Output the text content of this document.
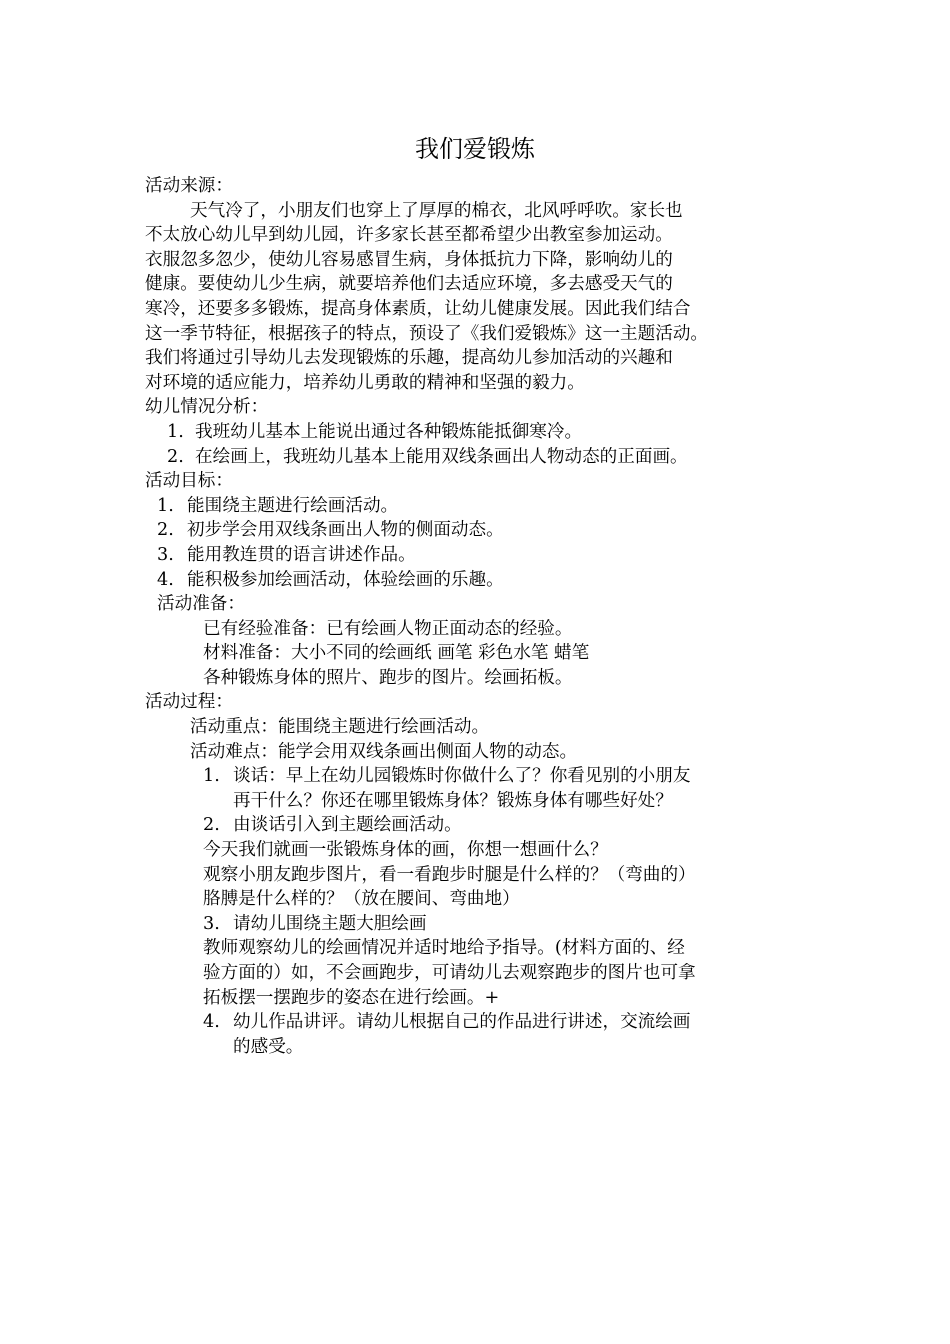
我们爱锻炼

活动来源：

天气冷了，小朋友们也穿上了厚厚的棉衣，北风呼呼吹。家长也

不太放心幼儿早到幼儿园，许多家长甚至都希望少出教室参加运动。

衣服忽多忽少，使幼儿容易感冒生病，身体抵抗力下降，影响幼儿的

健康。要使幼儿少生病，就要培养他们去适应环境，多去感受天气的

寒冷，还要多多锻炼，提高身体素质，让幼儿健康发展。因此我们结合

这一季节特征，根据孩子的特点，预设了《我们爱锻炼》这一主题活动。

我们将通过引导幼儿去发现锻炼的乐趣，提高幼儿参加活动的兴趣和

对环境的适应能力，培养幼儿勇敢的精神和坚强的毅力。

幼儿情况分析：

1. 我班幼儿基本上能说出通过各种锻炼能抵御寒冷。
2. 在绘画上，我班幼儿基本上能用双线条画出人物动态的正面画。

活动目标：

1. 能围绕主题进行绘画活动。
2. 初步学会用双线条画出人物的侧面动态。
3. 能用教连贯的语言讲述作品。
4. 能积极参加绘画活动，体验绘画的乐趣。

活动准备：

已有经验准备：已有绘画人物正面动态的经验。

材料准备：大小不同的绘画纸 画笔 彩色水笔 蜡笔

各种锻炼身体的照片、跑步的图片。绘画拓板。

活动过程：

活动重点：能围绕主题进行绘画活动。

活动难点：能学会用双线条画出侧面人物的动态。

1. 谈话：早上在幼儿园锻炼时你做什么了？你看见别的小朋友
再干什么？你还在哪里锻炼身体？锻炼身体有哪些好处？
2. 由谈话引入到主题绘画活动。

今天我们就画一张锻炼身体的画，你想一想画什么？

观察小朋友跑步图片，看一看跑步时腿是什么样的？（弯曲的）

胳膊是什么样的？（放在腰间、弯曲地）

3. 请幼儿围绕主题大胆绘画

教师观察幼儿的绘画情况并适时地给予指导。(材料方面的、经

验方面的）如，不会画跑步，可请幼儿去观察跑步的图片也可拿

拓板摆一摆跑步的姿态在进行绘画。+

4. 幼儿作品讲评。请幼儿根据自己的作品进行讲述，交流绘画
的感受。
